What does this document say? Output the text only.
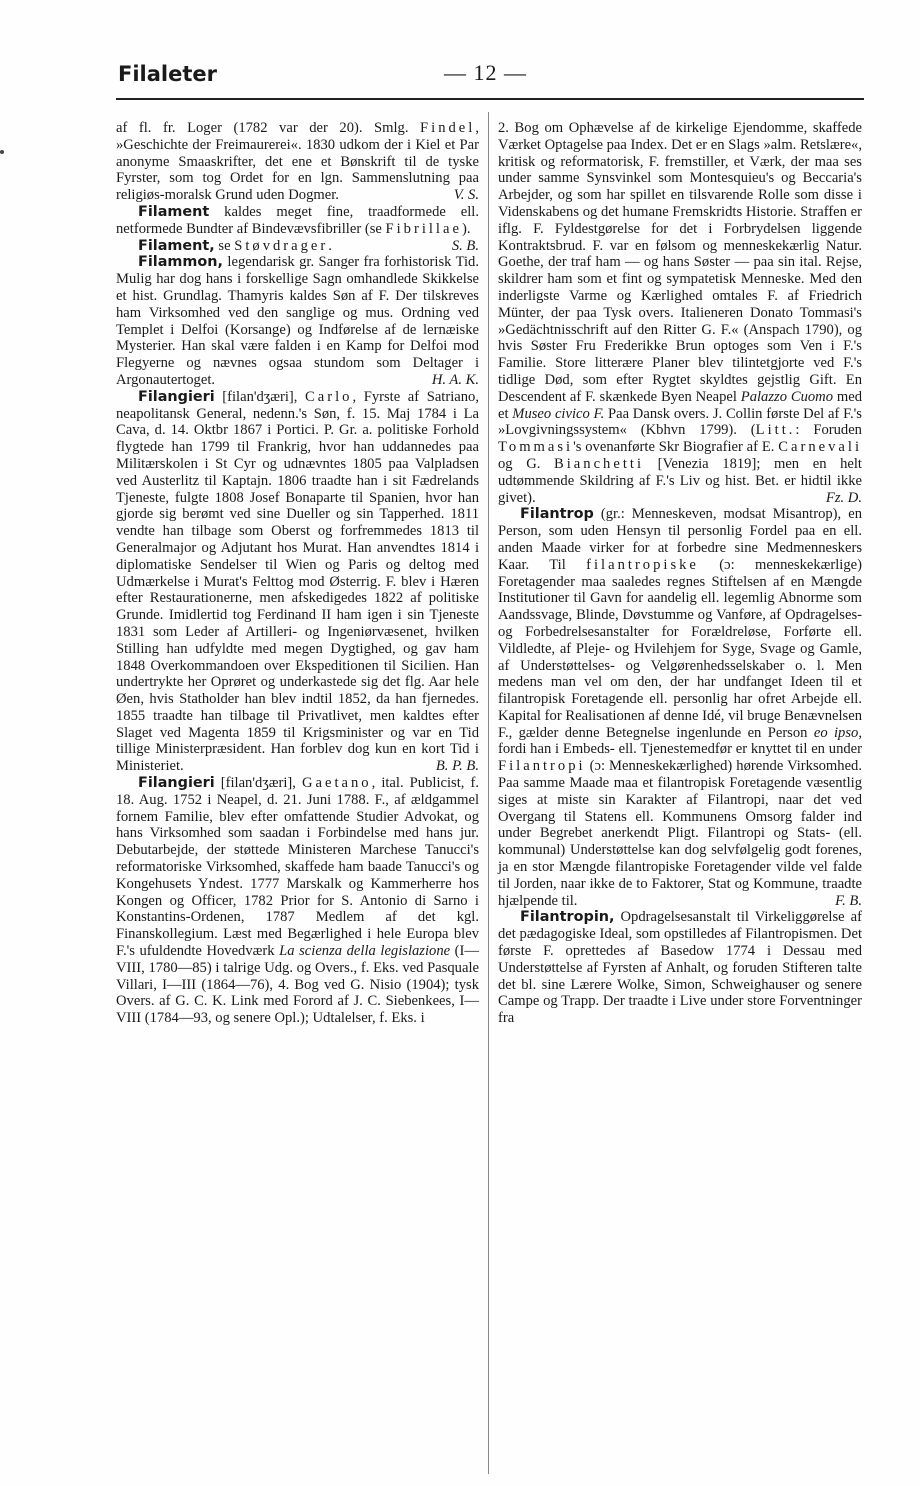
Filaleter	— 12 —

af fl. fr. Loger (1782 var der 20). Smlg. Findel, »Geschichte der Freimaurerei«. 1830 udkom der i Kiel et Par anonyme Smaaskrifter, det ene et Bønskrift til de tyske Fyrster, som tog Ordet for en lgn. Sammenslutning paa religiøs-moralsk Grund uden Dogmer.	V. S.

Filament kaldes meget fine, traadformede ell. netformede Bundter af Bindevævsfibriller (se Fibrillae).
S. B.

Filament, se Støvdrager.

Filammon, legendarisk gr. Sanger fra forhistorisk Tid. Mulig har dog hans i forskellige Sagn omhandlede Skikkelse et hist. Grundlag. Thamyris kaldes Søn af F. Der tilskreves ham Virksomhed ved den sanglige og mus. Ordning ved Templet i Delfoi (Korsange) og Indførelse af de lernæiske Mysterier. Han skal være falden i en Kamp for Delfoi mod Flegyerne og nævnes ogsaa stundom som Deltager i Argonautertoget.	H. A. K.

Filangieri [filan'dʒæri], Carlo, Fyrste af Satriano, neapolitansk General, nedenn.'s Søn, f. 15. Maj 1784 i La Cava, d. 14. Oktbr 1867 i Portici. P. Gr. a. politiske Forhold flygtede han 1799 til Frankrig, hvor han uddannedes paa Militærskolen i St Cyr og udnævntes 1805 paa Valpladsen ved Austerlitz til Kaptajn. 1806 traadte han i sit Fædrelands Tjeneste, fulgte 1808 Josef Bonaparte til Spanien, hvor han gjorde sig berømt ved sine Dueller og sin Tapperhed. 1811 vendte han tilbage som Oberst og forfremmedes 1813 til Generalmajor og Adjutant hos Murat. Han anvendtes 1814 i diplomatiske Sendelser til Wien og Paris og deltog med Udmærkelse i Murat's Felttog mod Østerrig. F. blev i Hæren efter Restaurationerne, men afskedigedes 1822 af politiske Grunde. Imidlertid tog Ferdinand II ham igen i sin Tjeneste 1831 som Leder af Artilleri- og Ingeniørvæsenet, hvilken Stilling han udfyldte med megen Dygtighed, og gav ham 1848 Overkommandoen over Ekspeditionen til Sicilien. Han undertrykte her Oprøret og underkastede sig det flg. Aar hele Øen, hvis Statholder han blev indtil 1852, da han fjernedes. 1855 traadte han tilbage til Privatlivet, men kaldtes efter Slaget ved Magenta 1859 til Krigsminister og var en Tid tillige Ministerpræsident. Han forblev dog kun en kort Tid i Ministeriet.	B. P. B.

Filangieri [filan'dʒæri], Gaetano, ital. Publicist, f. 18. Aug. 1752 i Neapel, d. 21. Juni 1788. F., af ældgammel fornem Familie, blev efter omfattende Studier Advokat, og hans Virksomhed som saadan i Forbindelse med hans jur. Debutarbejde, der støttede Ministeren Marchese Tanucci's reformatoriske Virksomhed, skaffede ham baade Tanucci's og Kongehusets Yndest. 1777 Marskalk og Kammerherre hos Kongen og Officer, 1782 Prior for S. Antonio di Sarno i Konstantins-Ordenen, 1787 Medlem af det kgl. Finanskollegium. Læst med Begærlighed i hele Europa blev F.'s ufuldendte Hovedværk La scienza della legislazione (I—VIII, 1780—85) i talrige Udg. og Overs., f. Eks. ved Pasquale Villari, I—III (1864—76), 4. Bog ved G. Nisio (1904); tysk Overs. af G. C. K. Link med Forord af J. C. Siebenkees, I—VIII (1784—93, og senere Opl.); Udtalelser, f. Eks. i

2. Bog om Ophævelse af de kirkelige Ejendomme, skaffede Værket Optagelse paa Index. Det er en Slags »alm. Retslære«, kritisk og reformatorisk, F. fremstiller, et Værk, der maa ses under samme Synsvinkel som Montesquieu's og Beccaria's Arbejder, og som har spillet en tilsvarende Rolle som disse i Videnskabens og det humane Fremskridts Historie. Straffen er iflg. F. Fyldestgørelse for det i Forbrydelsen liggende Kontraktsbrud. F. var en følsom og menneskekærlig Natur. Goethe, der traf ham — og hans Søster — paa sin ital. Rejse, skildrer ham som et fint og sympatetisk Menneske. Med den inderligste Varme og Kærlighed omtales F. af Friedrich Münter, der paa Tysk overs. Italieneren Donato Tommasi's »Gedächtnisschrift auf den Ritter G. F.« (Anspach 1790), og hvis Søster Fru Frederikke Brun optoges som Ven i F.'s Familie. Store litterære Planer blev tilintetgjorte ved F.'s tidlige Død, som efter Rygtet skyldtes gejstlig Gift. En Descendent af F. skænkede Byen Neapel Palazzo Cuomo med et Museo civico F. Paa Dansk overs. J. Collin første Del af F.'s »Lovgivningssystem« (Kbhvn 1799). (Litt.: Foruden Tommasi's ovenanførte Skr Biografier af E. Carnevali og G. Bianchetti [Venezia 1819]; men en helt udtømmende Skildring af F.'s Liv og hist. Bet. er hidtil ikke givet).	Fz. D.

Filantrop (gr.: Menneskeven, modsat Misantrop), en Person, som uden Hensyn til personlig Fordel paa en ell. anden Maade virker for at forbedre sine Medmenneskers Kaar. Til filantropiske (ɔ: menneskekærlige) Foretagender maa saaledes regnes Stiftelsen af en Mængde Institutioner til Gavn for aandelig ell. legemlig Abnorme som Aandssvage, Blinde, Døvstumme og Vanføre, af Opdragelses- og Forbedrelsesanstalter for Forældreløse, Forførte ell. Vildledte, af Pleje- og Hvilehjem for Syge, Svage og Gamle, af Understøttelses- og Velgørenhedsselskaber o. l. Men medens man vel om den, der har undfanget Ideen til et filantropisk Foretagende ell. personlig har ofret Arbejde ell. Kapital for Realisationen af denne Idé, vil bruge Benævnelsen F., gælder denne Betegnelse ingenlunde en Person eo ipso, fordi han i Embeds- ell. Tjenestemedfør er knyttet til en under Filantropi (ɔ: Menneskekærlighed) hørende Virksomhed. Paa samme Maade maa et filantropisk Foretagende væsentlig siges at miste sin Karakter af Filantropi, naar det ved Overgang til Statens ell. Kommunens Omsorg falder ind under Begrebet anerkendt Pligt. Filantropi og Stats- (ell. kommunal) Understøttelse kan dog selvfølgelig godt forenes, ja en stor Mængde filantropiske Foretagender vilde vel falde til Jorden, naar ikke de to Faktorer, Stat og Kommune, traadte hjælpende til.	F. B.

Filantropin, Opdragelsesanstalt til Virkeliggørelse af det pædagogiske Ideal, som opstilledes af Filantropismen. Det første F. oprettedes af Basedow 1774 i Dessau med Understøttelse af Fyrsten af Anhalt, og foruden Stifteren talte det bl. sine Lærere Wolke, Simon, Schweighauser og senere Campe og Trapp. Der traadte i Live under store Forventninger fra
